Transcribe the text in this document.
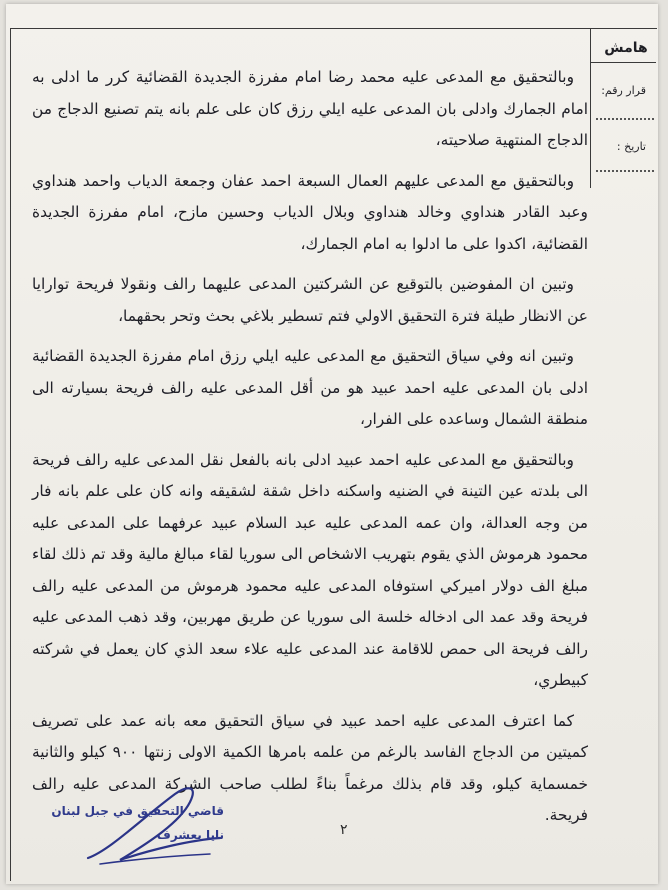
هامش
قرار رقم:
تاريخ :

وبالتحقيق مع المدعى عليه محمد رضا امام مفرزة الجديدة القضائية كرر ما ادلى به امام الجمارك وادلى بان المدعى عليه ايلي رزق كان على علم بانه يتم تصنيع الدجاج من الدجاج المنتهية صلاحيته،

وبالتحقيق مع المدعى عليهم العمال السبعة احمد عفان وجمعة الدياب واحمد هنداوي وعبد القادر هنداوي وخالد هنداوي وبلال الدياب وحسين مازح، امام مفرزة الجديدة القضائية، اكدوا على ما ادلوا به امام الجمارك،

وتبين ان المفوضين بالتوقيع عن الشركتين المدعى عليهما رالف ونقولا فريحة توارايا عن الانظار طيلة فترة التحقيق الاولي فتم تسطير بلاغي بحث وتحر بحقهما،

وتبين انه وفي سياق التحقيق مع المدعى عليه ايلي رزق امام مفرزة الجديدة القضائية ادلى بان المدعى عليه احمد عبيد هو من أقل المدعى عليه رالف فريحة بسيارته الى منطقة الشمال وساعده على الفرار،

وبالتحقيق مع المدعى عليه احمد عبيد ادلى بانه بالفعل نقل المدعى عليه رالف فريحة الى بلدته عين التينة في الضنيه واسكنه داخل شقة لشقيقه وانه كان على علم بانه فار من وجه العدالة، وان عمه المدعى عليه عبد السلام عبيد عرفهما على المدعى عليه محمود هرموش الذي يقوم بتهريب الاشخاص الى سوريا لقاء مبالغ مالية وقد تم ذلك لقاء مبلغ الف دولار اميركي استوفاه المدعى عليه محمود هرموش من المدعى عليه رالف فريحة وقد عمد الى ادخاله خلسة الى سوريا عن طريق مهربين، وقد ذهب المدعى عليه رالف فريحة الى حمص للاقامة عند المدعى عليه علاء سعد الذي كان يعمل في شركته كبيطري،

كما اعترف المدعى عليه احمد عبيد في سياق التحقيق معه بانه عمد على تصريف كميتين من الدجاج الفاسد بالرغم من علمه بامرها الكمية الاولى زنتها ٩٠٠ كيلو والثانية خمسماية كيلو، وقد قام بذلك مرغماً بناءً لطلب صاحب الشركة المدعى عليه رالف فريحة.

قاضي التحقيق في جبل لبنان
نايا يعشرف	٢
